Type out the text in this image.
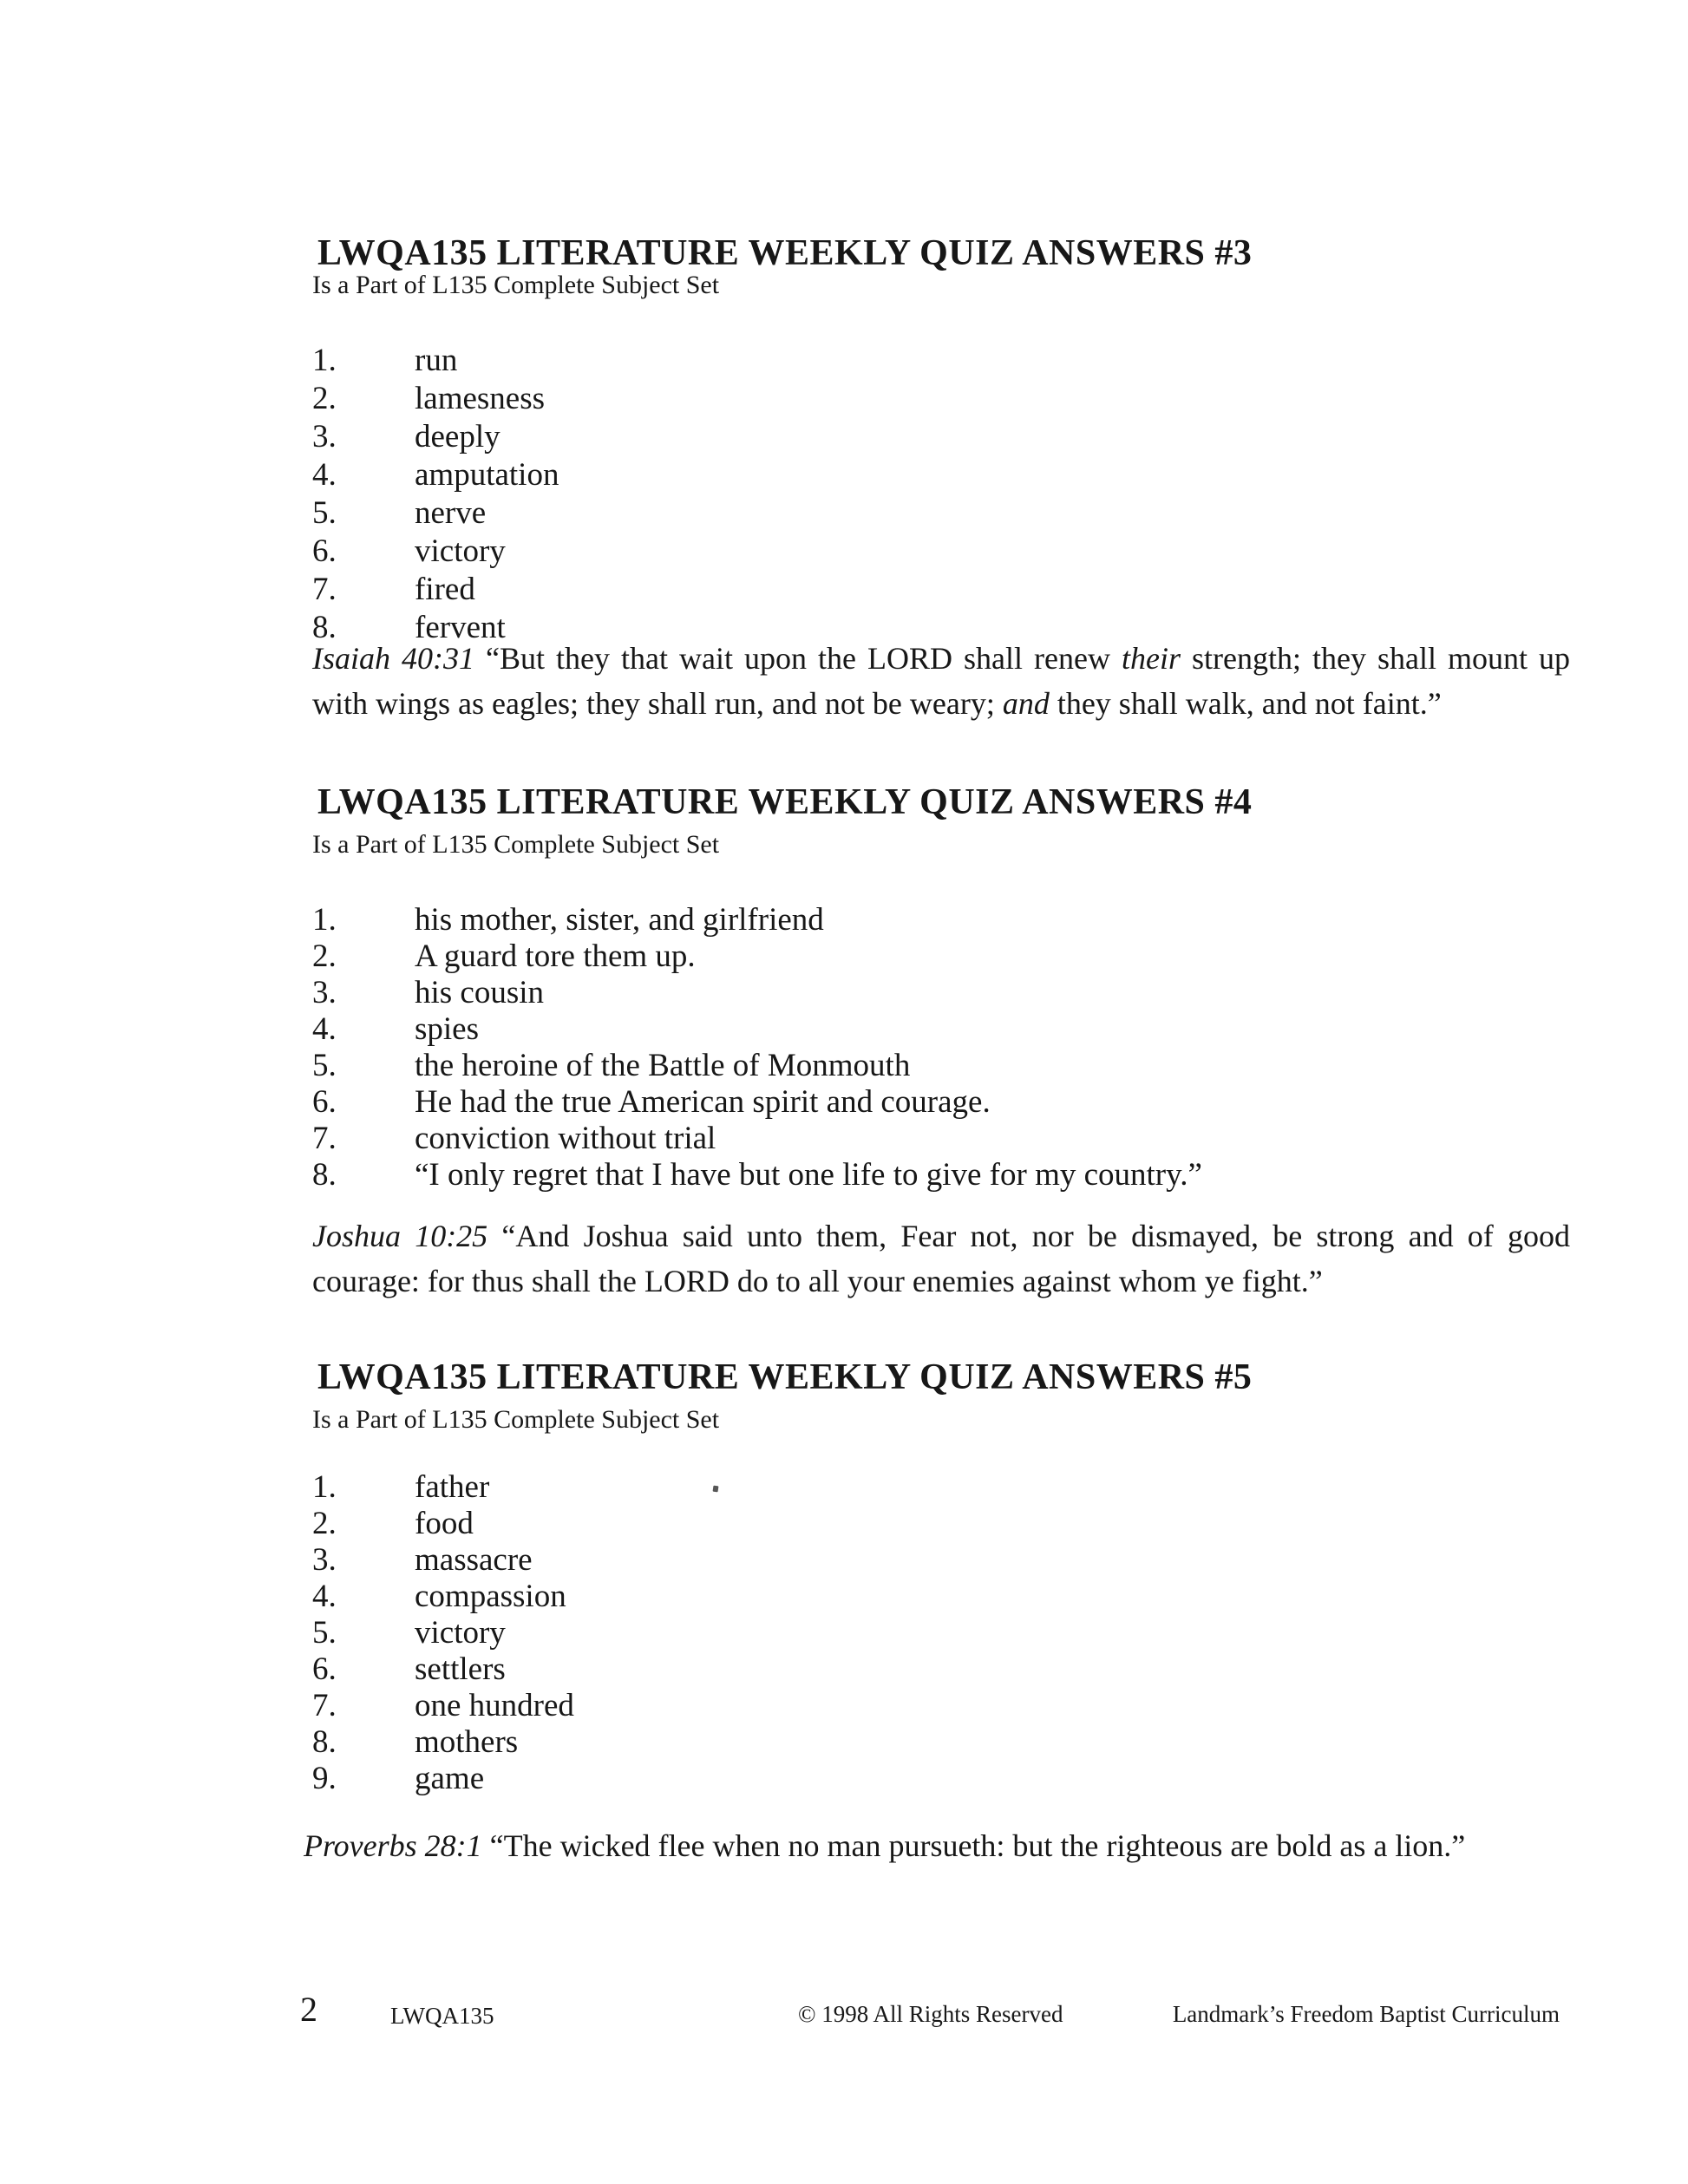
LWQA135 LITERATURE WEEKLY QUIZ ANSWERS #3
Is a Part of L135 Complete Subject Set
1. run
2. lamesness
3. deeply
4. amputation
5. nerve
6. victory
7. fired
8. fervent
Isaiah 40:31 “But they that wait upon the LORD shall renew their strength; they shall mount up
with wings as eagles; they shall run, and not be weary; and they shall walk, and not faint.”
LWQA135 LITERATURE WEEKLY QUIZ ANSWERS #4
Is a Part of L135 Complete Subject Set
1. his mother, sister, and girlfriend
2. A guard tore them up.
3. his cousin
4. spies
5. the heroine of the Battle of Monmouth
6. He had the true American spirit and courage.
7. conviction without trial
8. “I only regret that I have but one life to give for my country.”
Joshua 10:25 “And Joshua said unto them, Fear not, nor be dismayed, be strong and of good
courage: for thus shall the LORD do to all your enemies against whom ye fight.”
LWQA135 LITERATURE WEEKLY QUIZ ANSWERS #5
Is a Part of L135 Complete Subject Set
1. father
2. food
3. massacre
4. compassion
5. victory
6. settlers
7. one hundred
8. mothers
9. game
Proverbs 28:1 “The wicked flee when no man pursueth: but the righteous are bold as a lion.”
2	LWQA135	© 1998 All Rights Reserved	Landmark’s Freedom Baptist Curriculum
